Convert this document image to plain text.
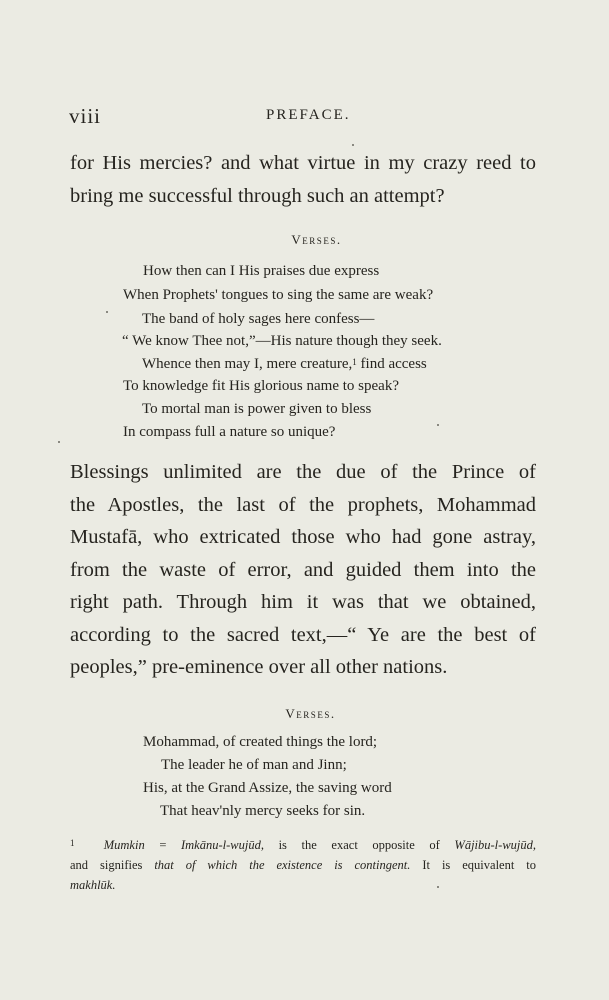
viii	PREFACE.
for His mercies? and what virtue in my crazy reed to
bring me successful through such an attempt?
Verses.
How then can I His praises due express
When Prophets' tongues to sing the same are weak?
The band of holy sages here confess—
“ We know Thee not,”—His nature though they seek.
Whence then may I, mere creature,$^1$ find access
To knowledge fit His glorious name to speak?
To mortal man is power given to bless
In compass full a nature so unique?
Blessings unlimited are the due of the Prince of
the Apostles, the last of the prophets, Mohammad
Mustafā, who extricated those who had gone astray,
from the waste of error, and guided them into the
right path. Through him it was that we obtained,
according to the sacred text,—“ Ye are the best of
peoples,” pre-eminence over all other nations.
Verses.
Mohammad, of created things the lord;
The leader he of man and Jinn;
His, at the Grand Assize, the saving word
That heav'nly mercy seeks for sin.
$^1$ Mumkin = Imkānu-l-wujūd, is the exact opposite of Wājibu-l-wujūd,
and signifies that of which the existence is contingent. It is equivalent to
makhlūk.
